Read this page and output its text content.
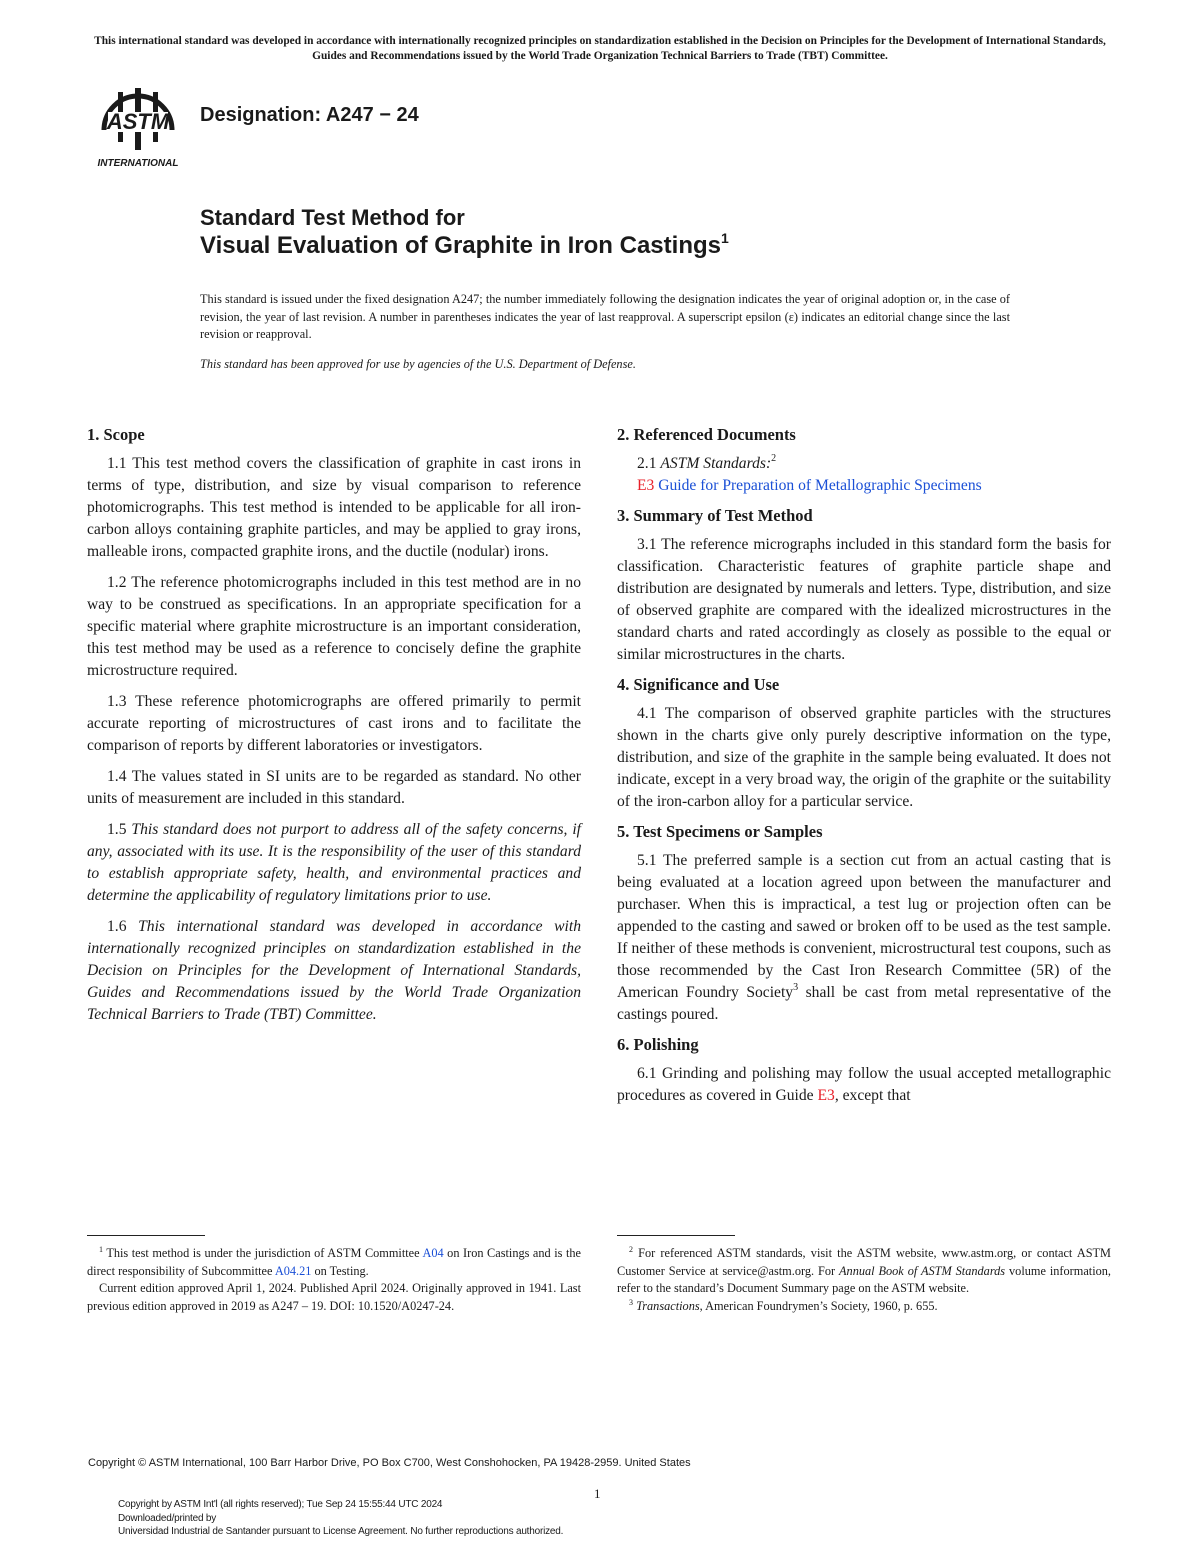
This international standard was developed in accordance with internationally recognized principles on standardization established in the Decision on Principles for the Development of International Standards, Guides and Recommendations issued by the World Trade Organization Technical Barriers to Trade (TBT) Committee.
ASTM
INTERNATIONAL
Designation: A247 − 24
Standard Test Method for
Visual Evaluation of Graphite in Iron Castings$^1$
This standard is issued under the fixed designation A247; the number immediately following the designation indicates the year of original adoption or, in the case of revision, the year of last revision. A number in parentheses indicates the year of last reapproval. A superscript epsilon (ε) indicates an editorial change since the last revision or reapproval.
This standard has been approved for use by agencies of the U.S. Department of Defense.
1. Scope

1.1 This test method covers the classification of graphite in cast irons in terms of type, distribution, and size by visual comparison to reference photomicrographs. This test method is intended to be applicable for all iron-carbon alloys containing graphite particles, and may be applied to gray irons, malleable irons, compacted graphite irons, and the ductile (nodular) irons.

1.2 The reference photomicrographs included in this test method are in no way to be construed as specifications. In an appropriate specification for a specific material where graphite microstructure is an important consideration, this test method may be used as a reference to concisely define the graphite microstructure required.

1.3 These reference photomicrographs are offered primarily to permit accurate reporting of microstructures of cast irons and to facilitate the comparison of reports by different laboratories or investigators.

1.4 The values stated in SI units are to be regarded as standard. No other units of measurement are included in this standard.

1.5 This standard does not purport to address all of the safety concerns, if any, associated with its use. It is the responsibility of the user of this standard to establish appropriate safety, health, and environmental practices and determine the applicability of regulatory limitations prior to use.

1.6 This international standard was developed in accordance with internationally recognized principles on standardization established in the Decision on Principles for the Development of International Standards, Guides and Recommendations issued by the World Trade Organization Technical Barriers to Trade (TBT) Committee.

2. Referenced Documents

2.1 ASTM Standards:$^2$

E3 Guide for Preparation of Metallographic Specimens

3. Summary of Test Method

3.1 The reference micrographs included in this standard form the basis for classification. Characteristic features of graphite particle shape and distribution are designated by numerals and letters. Type, distribution, and size of observed graphite are compared with the idealized microstructures in the standard charts and rated accordingly as closely as possible to the equal or similar microstructures in the charts.

4. Significance and Use

4.1 The comparison of observed graphite particles with the structures shown in the charts give only purely descriptive information on the type, distribution, and size of the graphite in the sample being evaluated. It does not indicate, except in a very broad way, the origin of the graphite or the suitability of the iron-carbon alloy for a particular service.

5. Test Specimens or Samples

5.1 The preferred sample is a section cut from an actual casting that is being evaluated at a location agreed upon between the manufacturer and purchaser. When this is impractical, a test lug or projection often can be appended to the casting and sawed or broken off to be used as the test sample. If neither of these methods is convenient, microstructural test coupons, such as those recommended by the Cast Iron Research Committee (5R) of the American Foundry Society$^3$ shall be cast from metal representative of the castings poured.

6. Polishing

6.1 Grinding and polishing may follow the usual accepted metallographic procedures as covered in Guide E3, except that

$^1$ This test method is under the jurisdiction of ASTM Committee A04 on Iron Castings and is the direct responsibility of Subcommittee A04.21 on Testing.

Current edition approved April 1, 2024. Published April 2024. Originally approved in 1941. Last previous edition approved in 2019 as A247 – 19. DOI: 10.1520/A0247-24.

$^2$ For referenced ASTM standards, visit the ASTM website, www.astm.org, or contact ASTM Customer Service at service@astm.org. For Annual Book of ASTM Standards volume information, refer to the standard’s Document Summary page on the ASTM website.

$^3$ Transactions, American Foundrymen’s Society, 1960, p. 655.

Copyright © ASTM International, 100 Barr Harbor Drive, PO Box C700, West Conshohocken, PA 19428-2959. United States
1
Copyright by ASTM Int'l (all rights reserved); Tue Sep 24 15:55:44 UTC 2024
Downloaded/printed by
Universidad Industrial de Santander pursuant to License Agreement. No further reproductions authorized.
